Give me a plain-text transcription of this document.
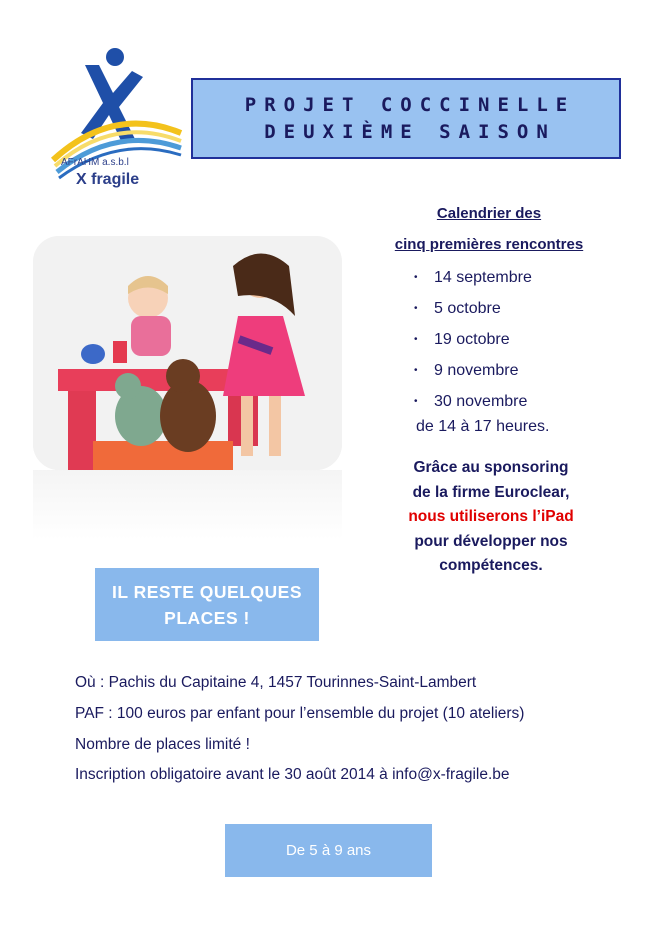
AFrAHM a.s.b.l
X fragile
PROJET COCCINELLE
DEUXIÈME SAISON
Calendrier des
cinq premières rencontres
•	14 septembre
•	5 octobre
•	19 octobre
•	9 novembre
•	30 novembre
de 14 à 17 heures.
Grâce au sponsoring
de la firme Euroclear,
nous utiliserons l’iPad
pour développer nos
compétences.
IL RESTE QUELQUES
PLACES !
Où : Pachis du Capitaine 4, 1457 Tourinnes-Saint-Lambert
PAF : 100 euros par enfant pour l’ensemble du projet (10 ateliers)
Nombre de places limité !
Inscription obligatoire avant le 30 août 2014 à info@x-fragile.be
De 5 à 9 ans
